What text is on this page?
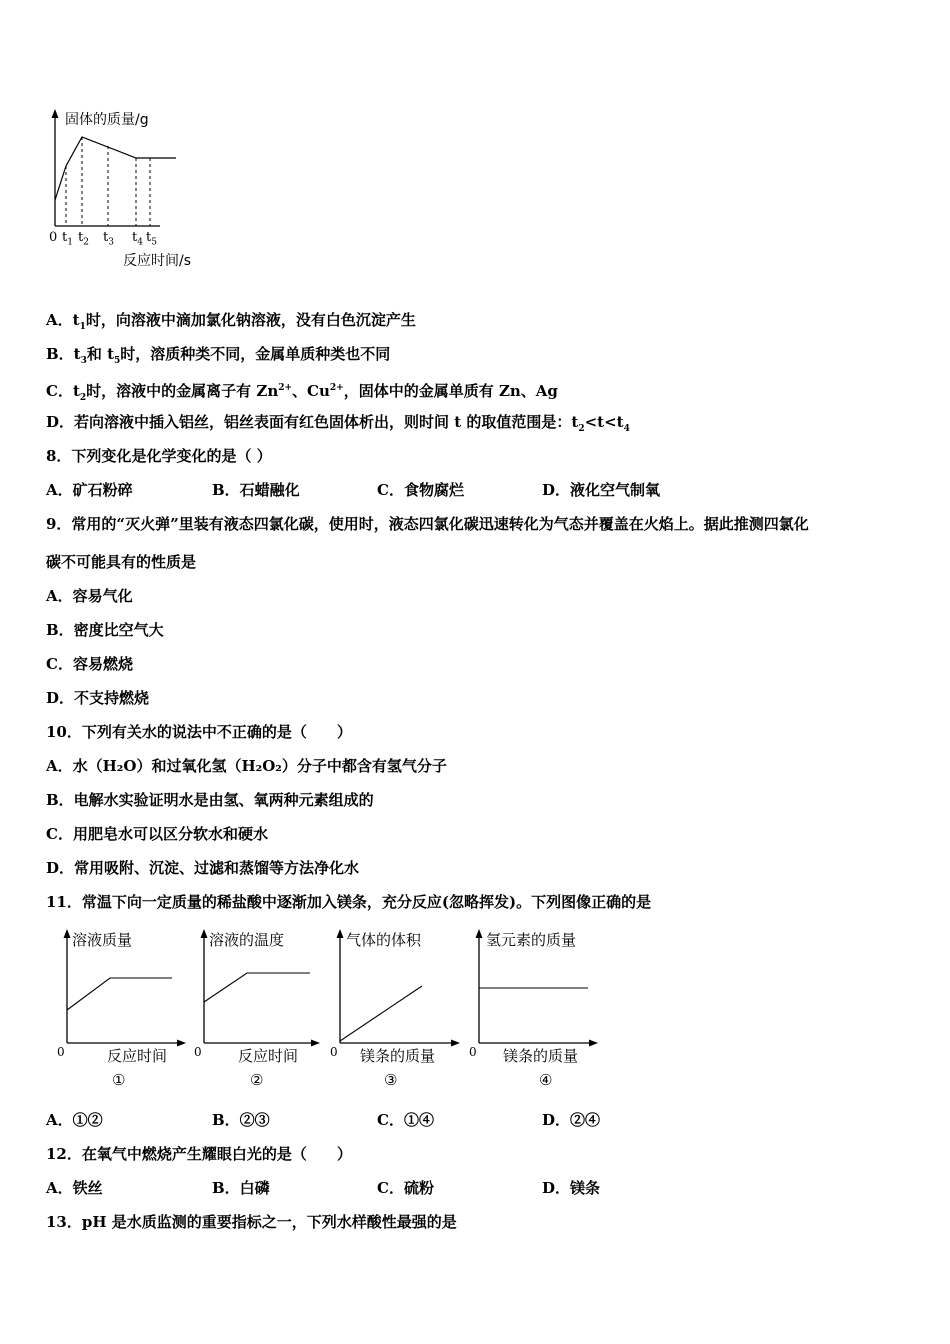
固体的质量/g
0 $t_1$ $t_2$ $t_3$ $t_4$ $t_5$
反应时间/s
A．$t_1$时，向溶液中滴加氯化钠溶液，没有白色沉淀产生
B．$t_3$和 $t_5$时，溶质种类不同，金属单质种类也不同
C．$t_2$时，溶液中的金属离子有 $Zn^{2+}$、$Cu^{2+}$，固体中的金属单质有 Zn、Ag
D．若向溶液中插入铝丝，铝丝表面有红色固体析出，则时间 t 的取值范围是：$t_2<t<t_4$
8．下列变化是化学变化的是（ ）
A．矿石粉碎	B．石蜡融化	C．食物腐烂	D．液化空气制氧
9．常用的“灭火弹”里装有液态四氯化碳，使用时，液态四氯化碳迅速转化为气态并覆盖在火焰上。据此推测四氯化
碳不可能具有的性质是
A．容易气化
B．密度比空气大
C．容易燃烧
D．不支持燃烧
10．下列有关水的说法中不正确的是（　　）
A．水（H₂O）和过氧化氢（H₂O₂）分子中都含有氢气分子
B．电解水实验证明水是由氢、氧两种元素组成的
C．用肥皂水可以区分软水和硬水
D．常用吸附、沉淀、过滤和蒸馏等方法净化水
11．常温下向一定质量的稀盐酸中逐渐加入镁条，充分反应(忽略挥发)。下列图像正确的是
溶液质量
0	反应时间
①
溶液的温度
0 反应时间
②
气体的体积
0 镁条的质量
③
氢元素的质量
0 镁条的质量
④
A．①②	B．②③	C．①④	D．②④
12．在氧气中燃烧产生耀眼白光的是（　　）
A．铁丝	B．白磷	C．硫粉	D．镁条
13．pH 是水质监测的重要指标之一，下列水样酸性最强的是
